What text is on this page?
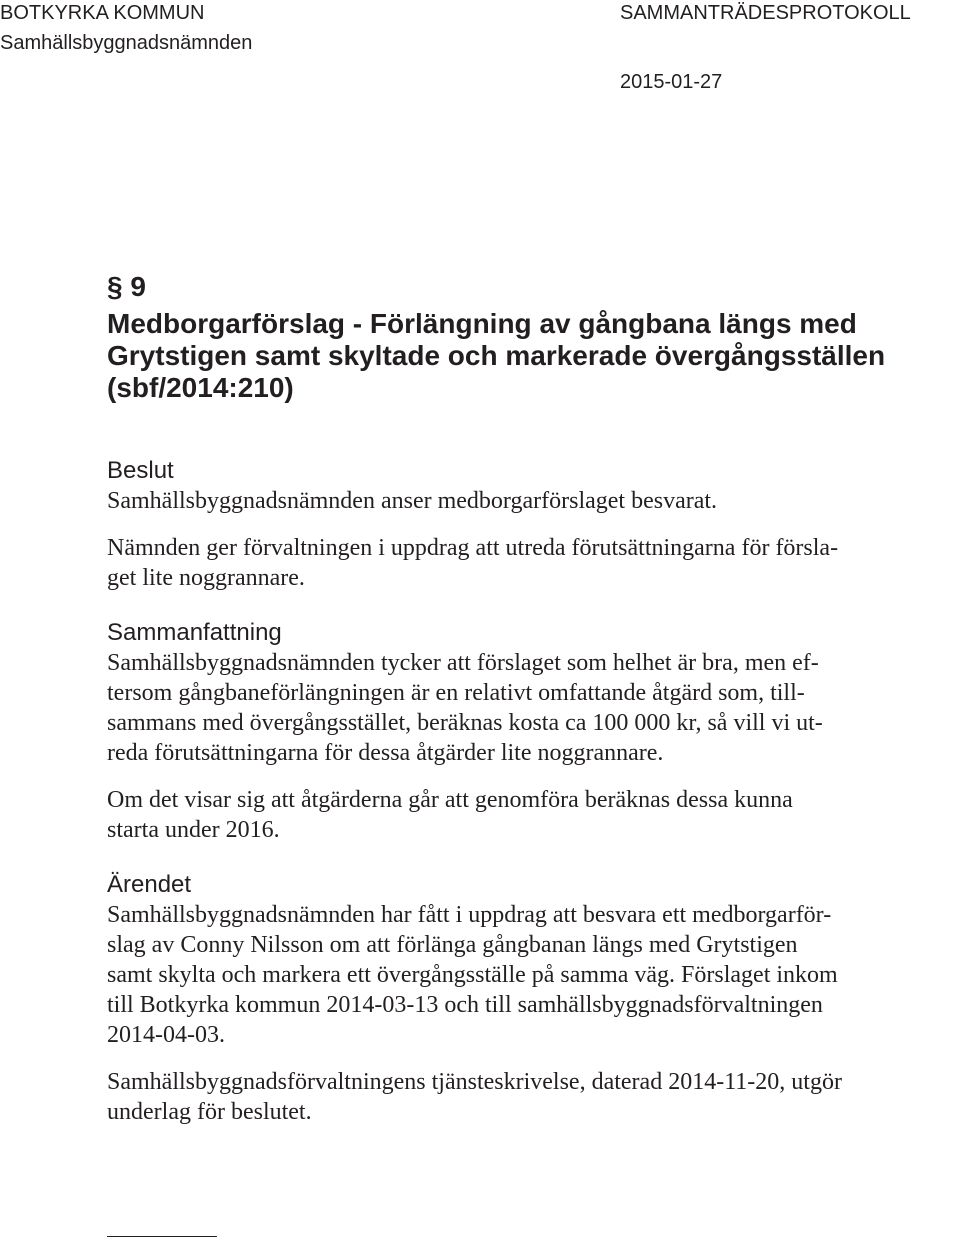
BOTKYRKA KOMMUN
Samhällsbyggnadsnämnden
SAMMANTRÄDESPROTOKOLL
2015-01-27
§ 9
Medborgarförslag - Förlängning av gångbana längs med
Grytstigen samt skyltade och markerade övergångsställen
(sbf/2014:210)
Beslut
Samhällsbyggnadsnämnden anser medborgarförslaget besvarat.
Nämnden ger förvaltningen i uppdrag att utreda förutsättningarna för försla-
get lite noggrannare.
Sammanfattning
Samhällsbyggnadsnämnden tycker att förslaget som helhet är bra, men ef-
tersom gångbaneförlängningen är en relativt omfattande åtgärd som, till-
sammans med övergångsstället, beräknas kosta ca 100 000 kr, så vill vi ut-
reda förutsättningarna för dessa åtgärder lite noggrannare.
Om det visar sig att åtgärderna går att genomföra beräknas dessa kunna
starta under 2016.
Ärendet
Samhällsbyggnadsnämnden har fått i uppdrag att besvara ett medborgarför-
slag av Conny Nilsson om att förlänga gångbanan längs med Grytstigen
samt skylta och markera ett övergångsställe på samma väg. Förslaget inkom
till Botkyrka kommun 2014-03-13 och till samhällsbyggnadsförvaltningen
2014-04-03.
Samhällsbyggnadsförvaltningens tjänsteskrivelse, daterad 2014-11-20, utgör
underlag för beslutet.
